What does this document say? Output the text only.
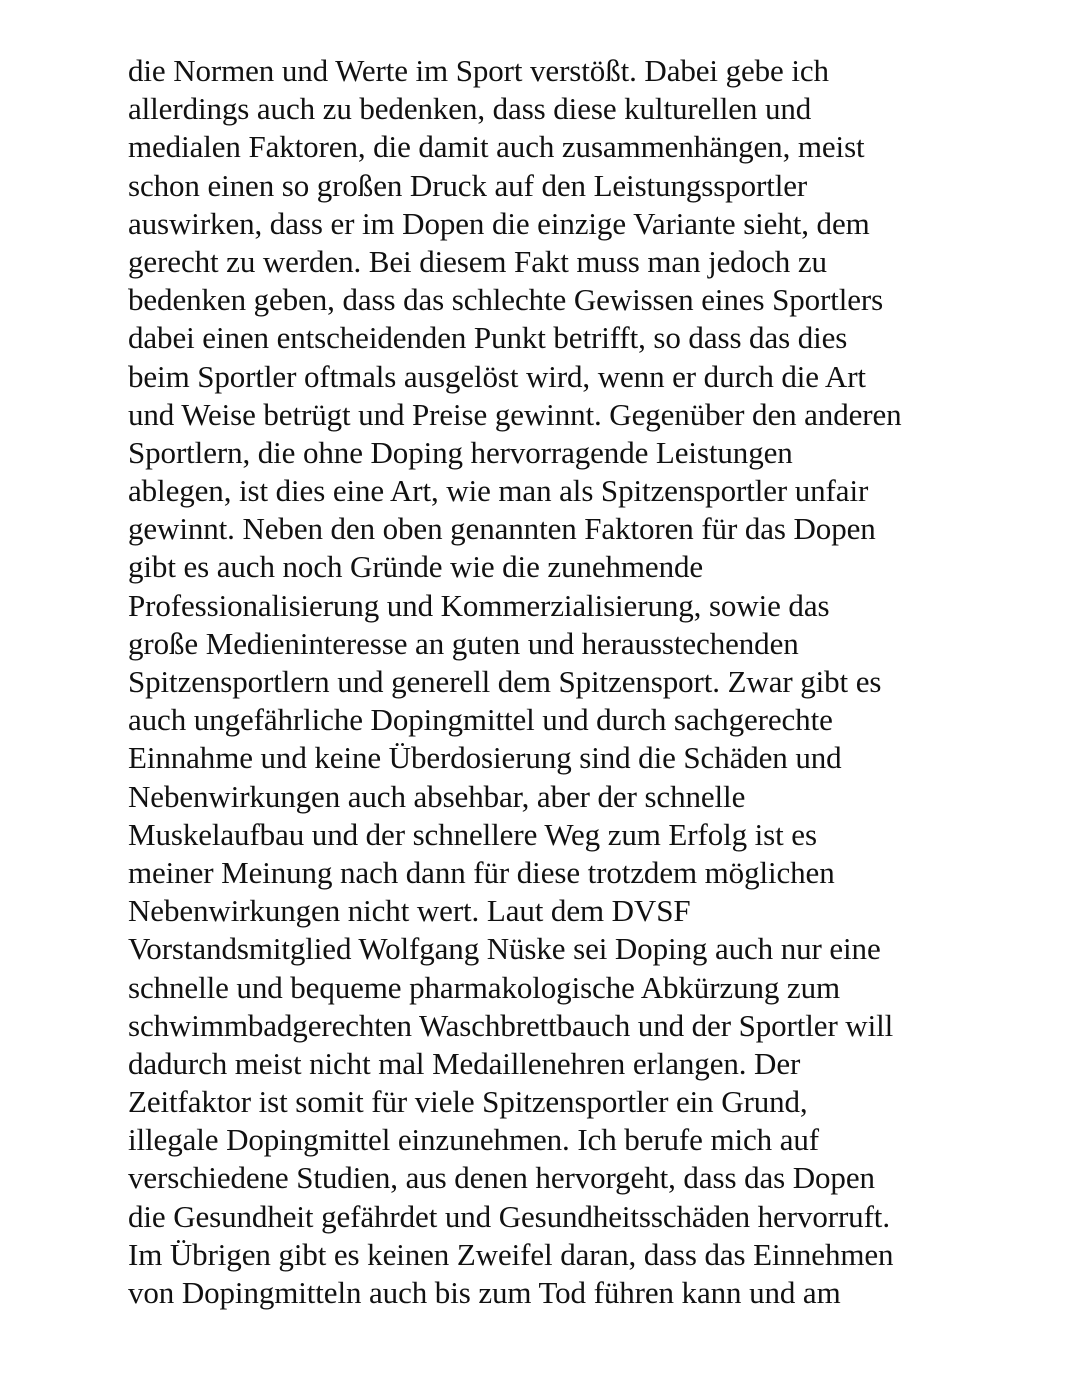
die Normen und Werte im Sport verstößt. Dabei gebe ich
allerdings auch zu bedenken, dass diese kulturellen und
medialen Faktoren, die damit auch zusammenhängen, meist
schon einen so großen Druck auf den Leistungssportler
auswirken, dass er im Dopen die einzige Variante sieht, dem
gerecht zu werden. Bei diesem Fakt muss man jedoch zu
bedenken geben, dass das schlechte Gewissen eines Sportlers
dabei einen entscheidenden Punkt betrifft, so dass das dies
beim Sportler oftmals ausgelöst wird, wenn er durch die Art
und Weise betrügt und Preise gewinnt. Gegenüber den anderen
Sportlern, die ohne Doping hervorragende Leistungen
ablegen, ist dies eine Art, wie man als Spitzensportler unfair
gewinnt. Neben den oben genannten Faktoren für das Dopen
gibt es auch noch Gründe wie die zunehmende
Professionalisierung und Kommerzialisierung, sowie das
große Medieninteresse an guten und herausstechenden
Spitzensportlern und generell dem Spitzensport. Zwar gibt es
auch ungefährliche Dopingmittel und durch sachgerechte
Einnahme und keine Überdosierung sind die Schäden und
Nebenwirkungen auch absehbar, aber der schnelle
Muskelaufbau und der schnellere Weg zum Erfolg ist es
meiner Meinung nach dann für diese trotzdem möglichen
Nebenwirkungen nicht wert. Laut dem DVSF
Vorstandsmitglied Wolfgang Nüske sei Doping auch nur eine
schnelle und bequeme pharmakologische Abkürzung zum
schwimmbadgerechten Waschbrettbauch und der Sportler will
dadurch meist nicht mal Medaillenehren erlangen. Der
Zeitfaktor ist somit für viele Spitzensportler ein Grund,
illegale Dopingmittel einzunehmen. Ich berufe mich auf
verschiedene Studien, aus denen hervorgeht, dass das Dopen
die Gesundheit gefährdet und Gesundheitsschäden hervorruft.
Im Übrigen gibt es keinen Zweifel daran, dass das Einnehmen
von Dopingmitteln auch bis zum Tod führen kann und am
